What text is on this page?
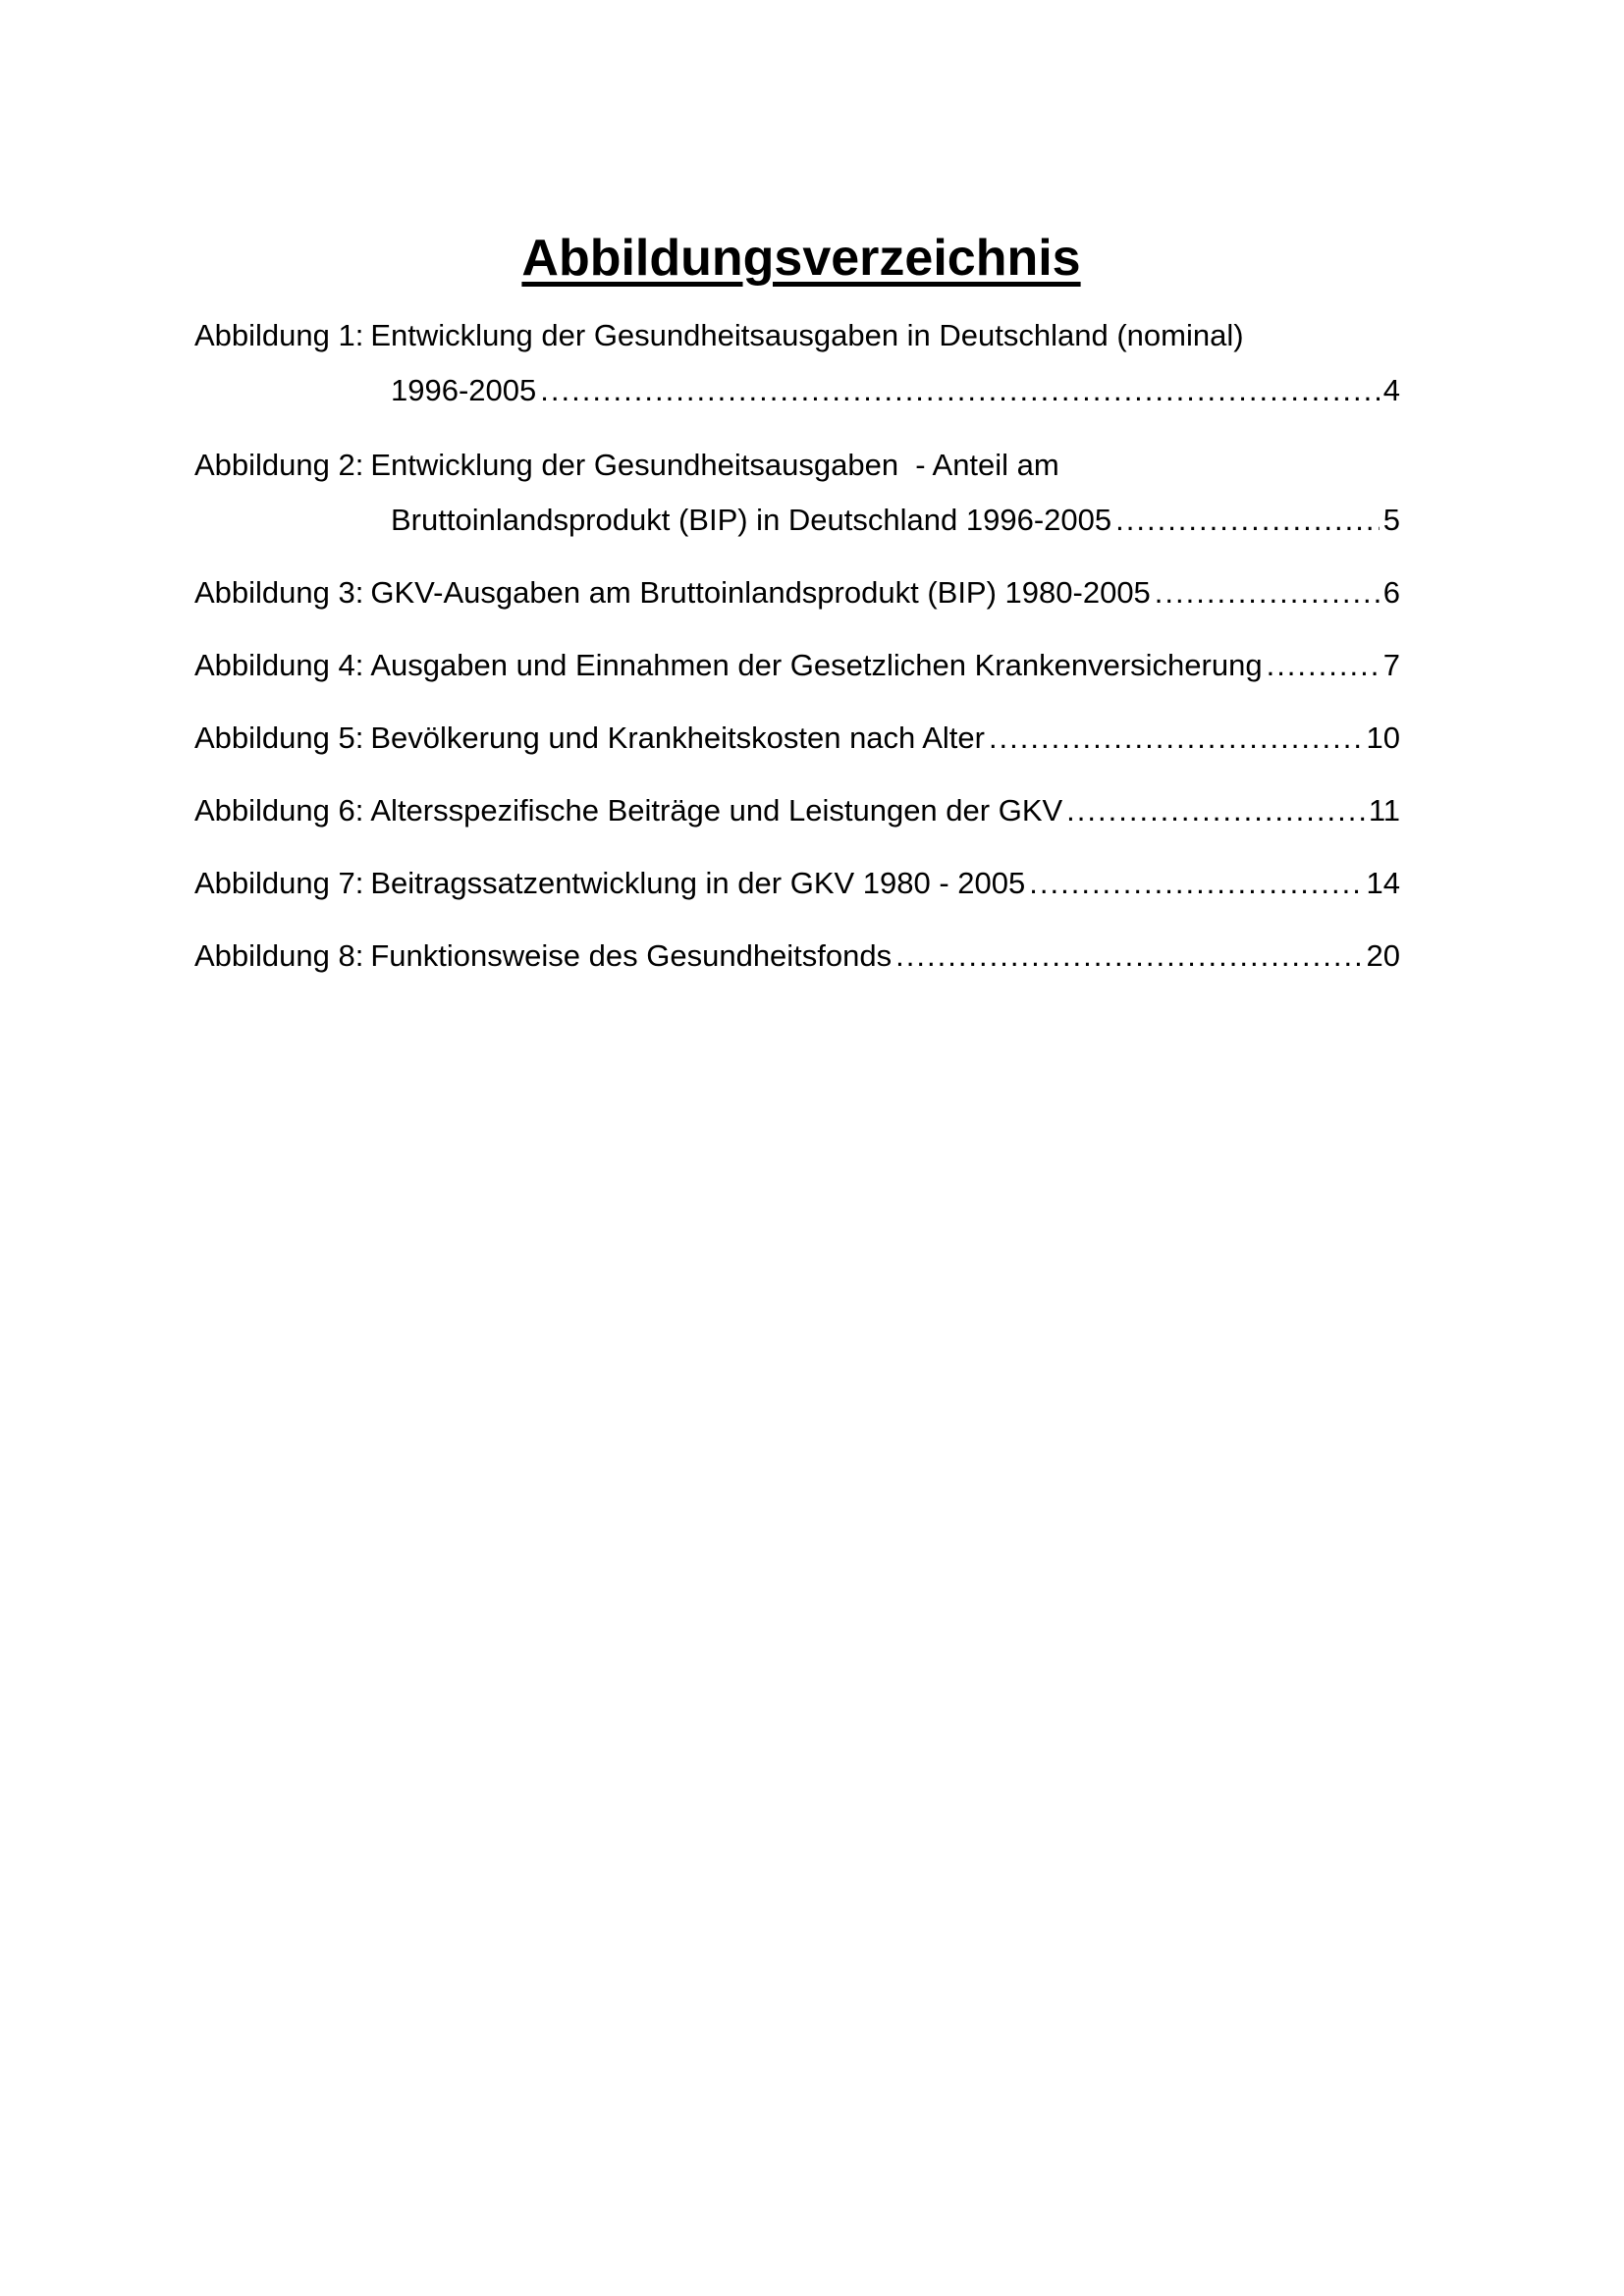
Abbildungsverzeichnis
Abbildung 1: Entwicklung der Gesundheitsausgaben in Deutschland (nominal)
1996-2005 .....	4
Abbildung 2: Entwicklung der Gesundheitsausgaben  - Anteil am
Bruttoinlandsprodukt (BIP) in Deutschland 1996-2005 .....	5
Abbildung 3: GKV-Ausgaben am Bruttoinlandsprodukt (BIP) 1980-2005 .....	6
Abbildung 4: Ausgaben und Einnahmen der Gesetzlichen Krankenversicherung .....	7
Abbildung 5: Bevölkerung und Krankheitskosten nach Alter .....	10
Abbildung 6: Altersspezifische Beiträge und Leistungen der GKV .....	11
Abbildung 7: Beitragssatzentwicklung in der GKV 1980 - 2005 .....	14
Abbildung 8: Funktionsweise des Gesundheitsfonds .....	20
